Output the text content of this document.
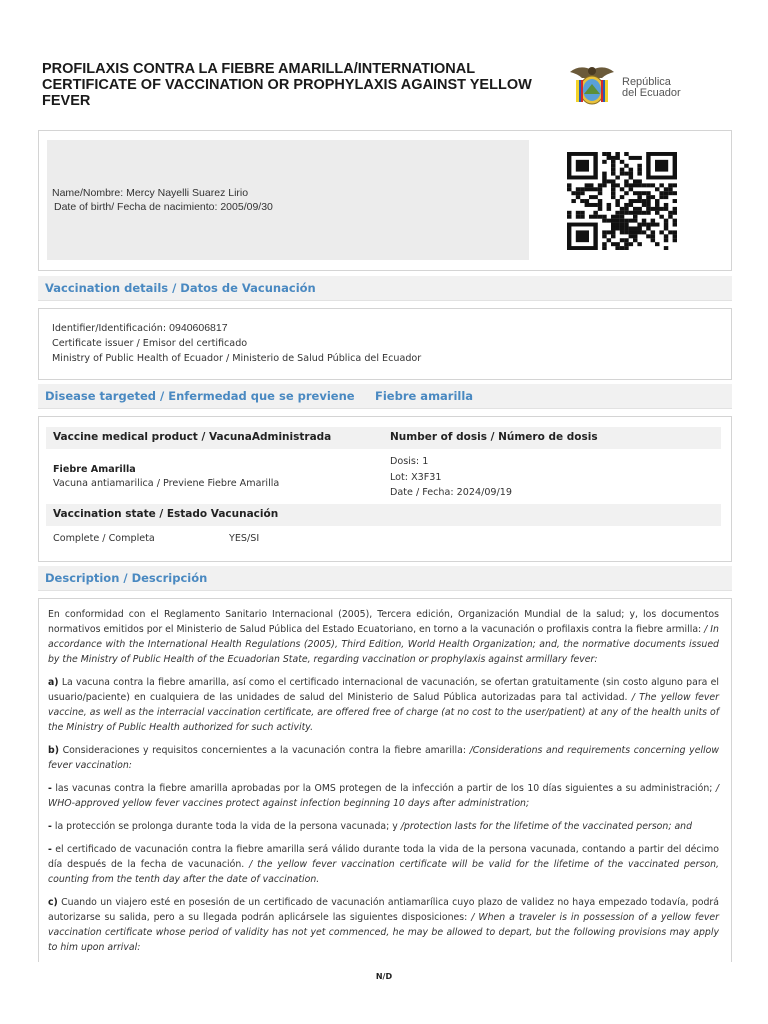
PROFILAXIS CONTRA LA FIEBRE AMARILLA/INTERNATIONAL CERTIFICATE OF VACCINATION OR PROPHYLAXIS AGAINST YELLOW FEVER
República
del Ecuador
Name/Nombre: Mercy Nayelli Suarez Lirio
Date of birth/ Fecha de nacimiento: 2005/09/30
Vaccination details / Datos de Vacunación
Identifier/Identificación: 0940606817
Certificate issuer / Emisor del certificado
Ministry of Public Health of Ecuador / Ministerio de Salud Pública del Ecuador
Disease targeted / Enfermedad que se previene Fiebre amarilla
Vaccine medical product / VacunaAdministrada	Number of dosis / Número de dosis
Fiebre Amarilla
Vacuna antiamarilica / Previene Fiebre Amarilla
Dosis: 1
Lot: X3F31
Date / Fecha: 2024/09/19
Vaccination state / Estado Vacunación
Complete / Completa	YES/SI
Description / Descripción

En conformidad con el Reglamento Sanitario Internacional (2005), Tercera edición, Organización Mundial de la salud; y, los documentos normativos emitidos por el Ministerio de Salud Pública del Estado Ecuatoriano, en torno a la vacunación o profilaxis contra la fiebre armilla: / In accordance with the International Health Regulations (2005), Third Edition, World Health Organization; and, the normative documents issued by the Ministry of Public Health of the Ecuadorian State, regarding vaccination or prophylaxis against armillary fever:

a) La vacuna contra la fiebre amarilla, así como el certificado internacional de vacunación, se ofertan gratuitamente (sin costo alguno para el usuario/paciente) en cualquiera de las unidades de salud del Ministerio de Salud Pública autorizadas para tal actividad. / The yellow fever vaccine, as well as the interracial vaccination certificate, are offered free of charge (at no cost to the user/patient) at any of the health units of the Ministry of Public Health authorized for such activity.

b) Consideraciones y requisitos concernientes a la vacunación contra la fiebre amarilla: /Considerations and requirements concerning yellow fever vaccination:

- las vacunas contra la fiebre amarilla aprobadas por la OMS protegen de la infección a partir de los 10 días siguientes a su administración; / WHO-approved yellow fever vaccines protect against infection beginning 10 days after administration;

- la protección se prolonga durante toda la vida de la persona vacunada; y /protection lasts for the lifetime of the vaccinated person; and

- el certificado de vacunación contra la fiebre amarilla será válido durante toda la vida de la persona vacunada, contando a partir del décimo día después de la fecha de vacunación. / the yellow fever vaccination certificate will be valid for the lifetime of the vaccinated person, counting from the tenth day after the date of vaccination.

c) Cuando un viajero esté en posesión de un certificado de vacunación antiamarílica cuyo plazo de validez no haya empezado todavía, podrá autorizarse su salida, pero a su llegada podrán aplicársele las siguientes disposiciones: / When a traveler is in possession of a yellow fever vaccination certificate whose period of validity has not yet commenced, he may be allowed to depart, but the following provisions may apply to him upon arrival:

N/D
